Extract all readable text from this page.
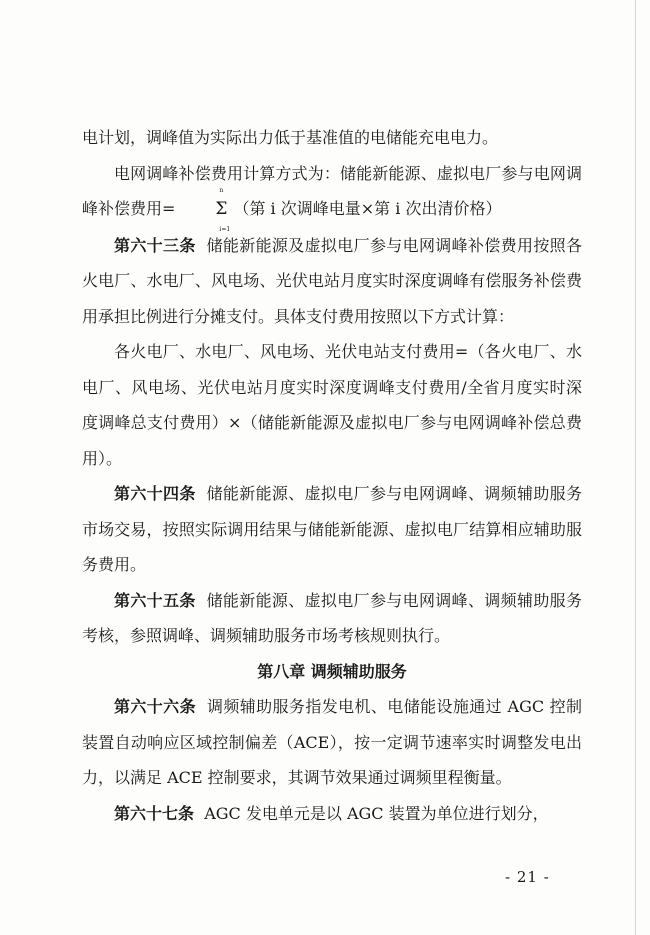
电计划，调峰值为实际出力低于基准值的电储能充电电力。

电网调峰补偿费用计算方式为：储能新能源、虚拟电厂参与电网调峰补偿费用=
n
Σ
i=1
（第 i 次调峰电量×第 i 次出清价格）

第六十三条 储能新能源及虚拟电厂参与电网调峰补偿费用按照各火电厂、水电厂、风电场、光伏电站月度实时深度调峰有偿服务补偿费用承担比例进行分摊支付。具体支付费用按照以下方式计算：

各火电厂、水电厂、风电场、光伏电站支付费用=（各火电厂、水电厂、风电场、光伏电站月度实时深度调峰支付费用/全省月度实时深度调峰总支付费用）×（储能新能源及虚拟电厂参与电网调峰补偿总费用）。

第六十四条 储能新能源、虚拟电厂参与电网调峰、调频辅助服务市场交易，按照实际调用结果与储能新能源、虚拟电厂结算相应辅助服务费用。

第六十五条 储能新能源、虚拟电厂参与电网调峰、调频辅助服务考核，参照调峰、调频辅助服务市场考核规则执行。

第八章 调频辅助服务

第六十六条 调频辅助服务指发电机、电储能设施通过 AGC 控制装置自动响应区域控制偏差（ACE），按一定调节速率实时调整发电出力，以满足 ACE 控制要求，其调节效果通过调频里程衡量。

第六十七条 AGC 发电单元是以 AGC 装置为单位进行划分，

- 21 -
